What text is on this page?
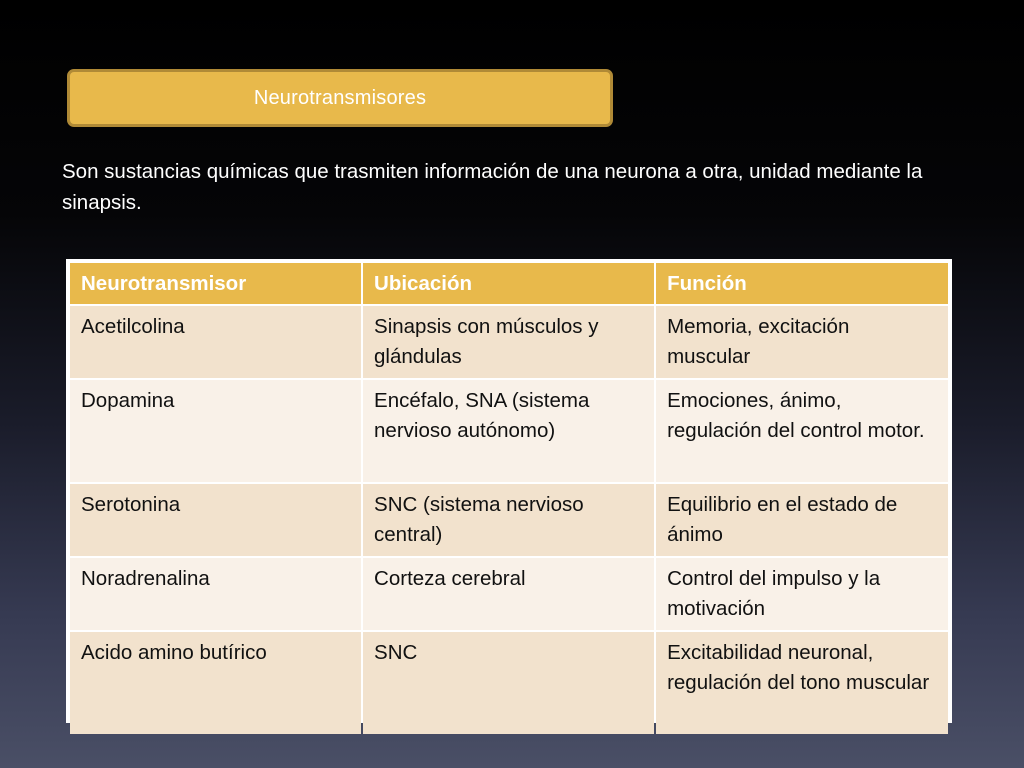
Neurotransmisores
Son sustancias químicas que trasmiten información de una neurona a otra, unidad mediante la sinapsis.
Neurotransmisor	Ubicación	Función
Acetilcolina	Sinapsis con músculos y glándulas	Memoria, excitación muscular
Dopamina	Encéfalo, SNA (sistema nervioso autónomo)	Emociones, ánimo, regulación del control motor.
Serotonina	SNC (sistema nervioso central)	Equilibrio en el estado de ánimo
Noradrenalina	Corteza cerebral	Control del impulso y la motivación
Acido amino butírico	SNC	Excitabilidad neuronal, regulación del tono muscular
